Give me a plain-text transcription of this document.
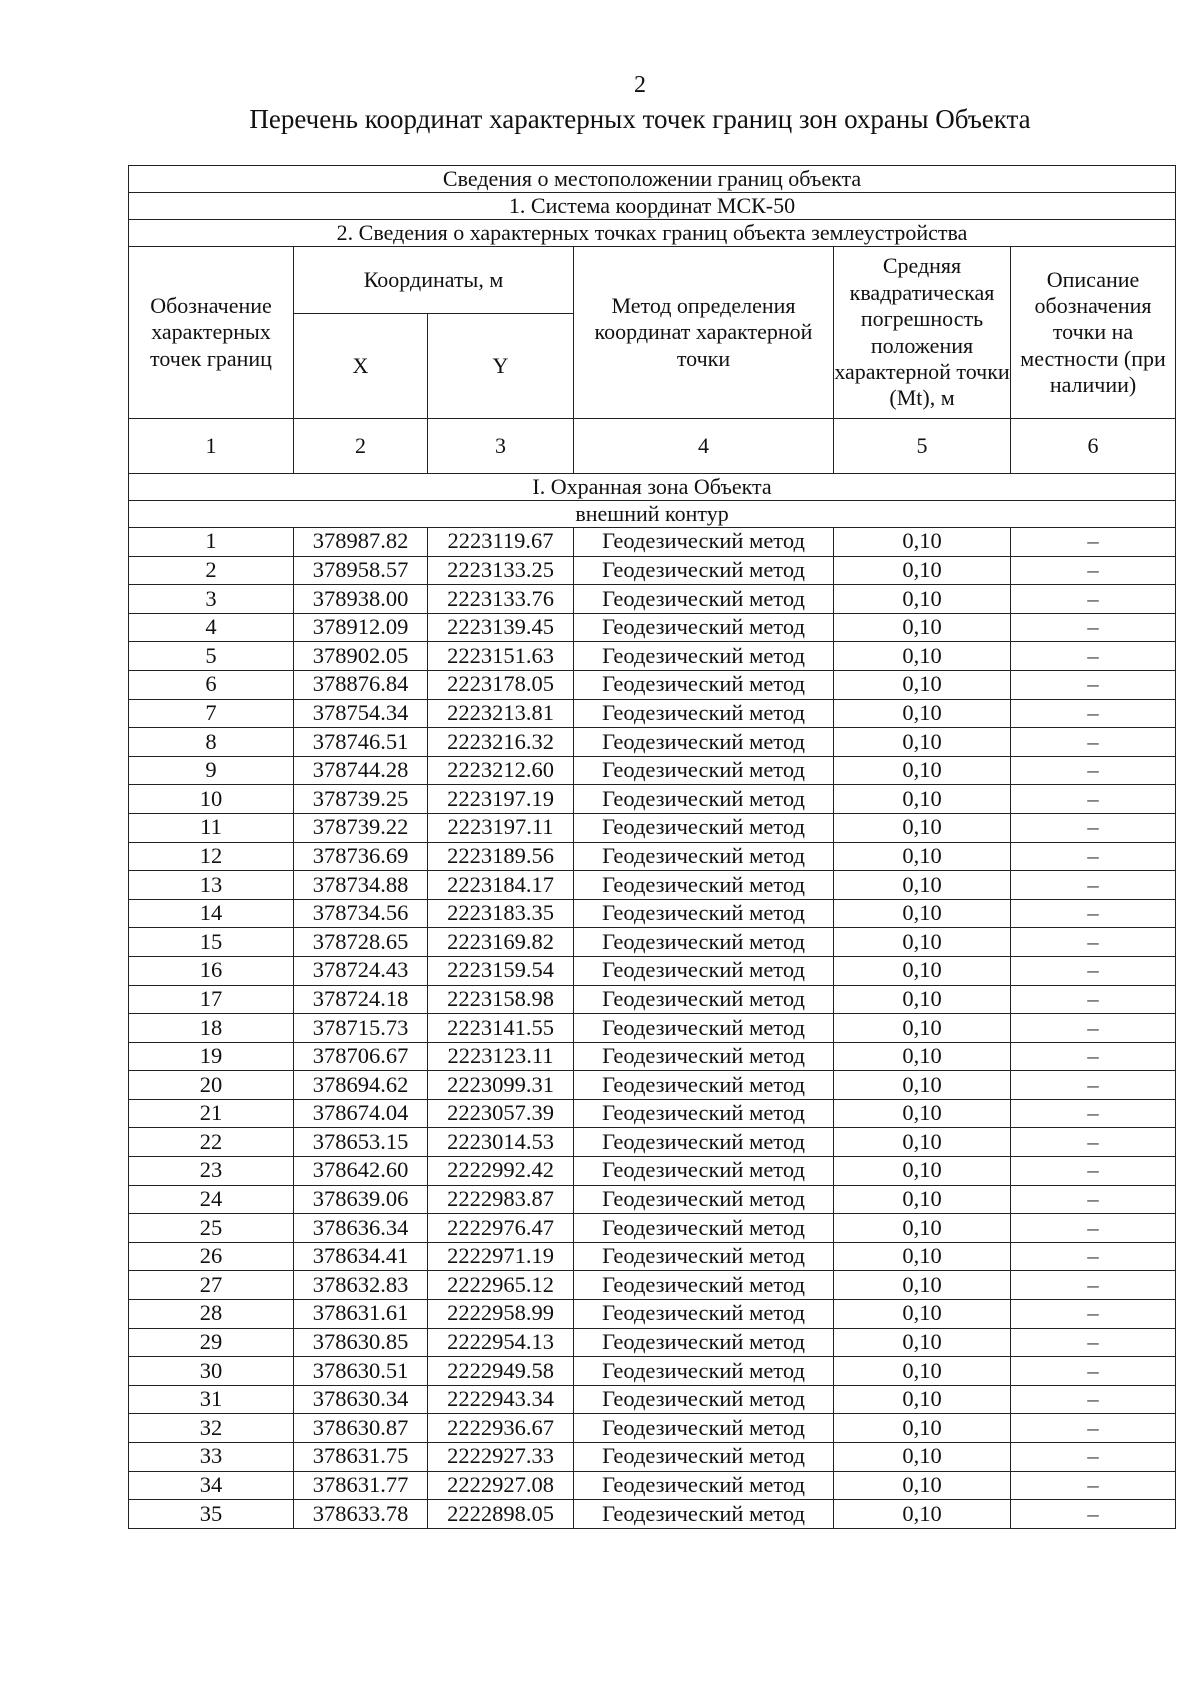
2
Перечень координат характерных точек границ зон охраны Объекта
Сведения о местоположении границ объекта					
1. Система координат МСК-50					
2. Сведения о характерных точках границ объекта землеустройства					
Обозначение характерных точек границ	Координаты, м		Метод определения координат характерной точки	Средняя квадратическая погрешность положения характерной точки (Mt), м	Описание обозначения точки на местности (при наличии)
	X	Y			
1	2	3	4	5	6
I. Охранная зона Объекта					
внешний контур					
1	378987.82	2223119.67	Геодезический метод	0,10	–
2	378958.57	2223133.25	Геодезический метод	0,10	–
3	378938.00	2223133.76	Геодезический метод	0,10	–
4	378912.09	2223139.45	Геодезический метод	0,10	–
5	378902.05	2223151.63	Геодезический метод	0,10	–
6	378876.84	2223178.05	Геодезический метод	0,10	–
7	378754.34	2223213.81	Геодезический метод	0,10	–
8	378746.51	2223216.32	Геодезический метод	0,10	–
9	378744.28	2223212.60	Геодезический метод	0,10	–
10	378739.25	2223197.19	Геодезический метод	0,10	–
11	378739.22	2223197.11	Геодезический метод	0,10	–
12	378736.69	2223189.56	Геодезический метод	0,10	–
13	378734.88	2223184.17	Геодезический метод	0,10	–
14	378734.56	2223183.35	Геодезический метод	0,10	–
15	378728.65	2223169.82	Геодезический метод	0,10	–
16	378724.43	2223159.54	Геодезический метод	0,10	–
17	378724.18	2223158.98	Геодезический метод	0,10	–
18	378715.73	2223141.55	Геодезический метод	0,10	–
19	378706.67	2223123.11	Геодезический метод	0,10	–
20	378694.62	2223099.31	Геодезический метод	0,10	–
21	378674.04	2223057.39	Геодезический метод	0,10	–
22	378653.15	2223014.53	Геодезический метод	0,10	–
23	378642.60	2222992.42	Геодезический метод	0,10	–
24	378639.06	2222983.87	Геодезический метод	0,10	–
25	378636.34	2222976.47	Геодезический метод	0,10	–
26	378634.41	2222971.19	Геодезический метод	0,10	–
27	378632.83	2222965.12	Геодезический метод	0,10	–
28	378631.61	2222958.99	Геодезический метод	0,10	–
29	378630.85	2222954.13	Геодезический метод	0,10	–
30	378630.51	2222949.58	Геодезический метод	0,10	–
31	378630.34	2222943.34	Геодезический метод	0,10	–
32	378630.87	2222936.67	Геодезический метод	0,10	–
33	378631.75	2222927.33	Геодезический метод	0,10	–
34	378631.77	2222927.08	Геодезический метод	0,10	–
35	378633.78	2222898.05	Геодезический метод	0,10	–
